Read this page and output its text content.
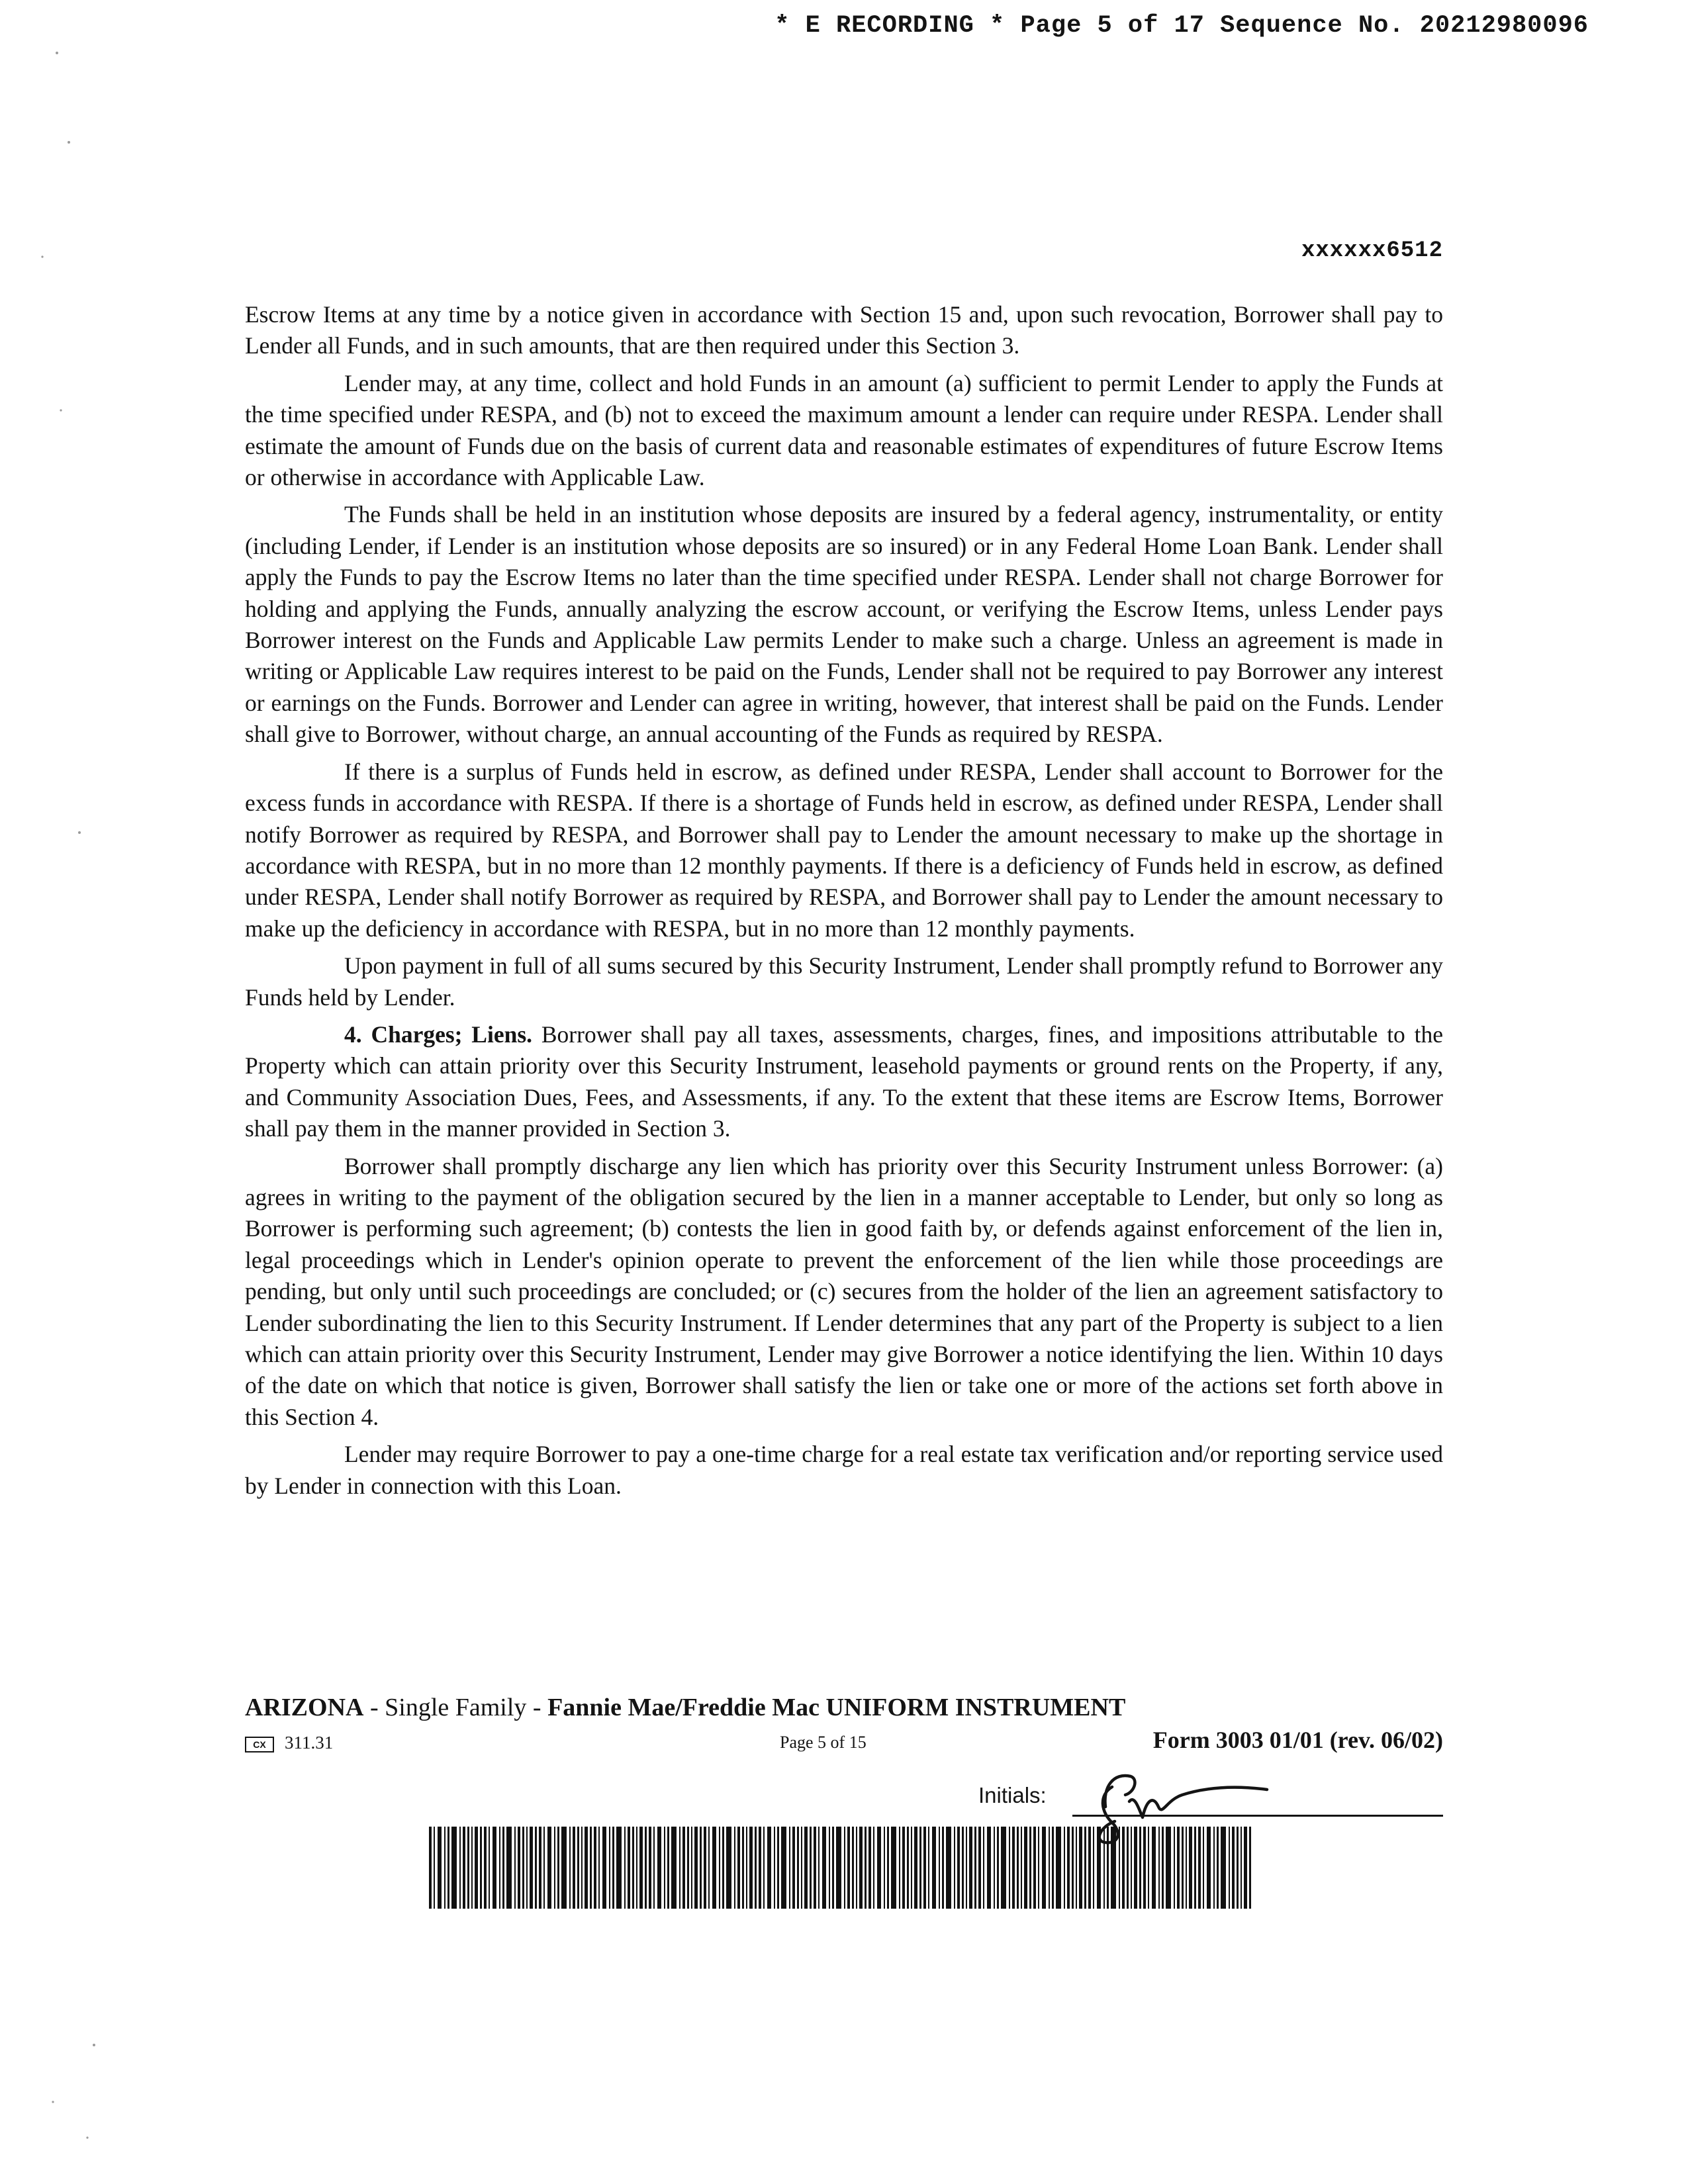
* E RECORDING * Page 5 of 17 Sequence No. 20212980096
xxxxxx6512

Escrow Items at any time by a notice given in accordance with Section 15 and, upon such revocation, Borrower shall pay to Lender all Funds, and in such amounts, that are then required under this Section 3.

Lender may, at any time, collect and hold Funds in an amount (a) sufficient to permit Lender to apply the Funds at the time specified under RESPA, and (b) not to exceed the maximum amount a lender can require under RESPA. Lender shall estimate the amount of Funds due on the basis of current data and reasonable estimates of expenditures of future Escrow Items or otherwise in accordance with Applicable Law.

The Funds shall be held in an institution whose deposits are insured by a federal agency, instrumentality, or entity (including Lender, if Lender is an institution whose deposits are so insured) or in any Federal Home Loan Bank. Lender shall apply the Funds to pay the Escrow Items no later than the time specified under RESPA. Lender shall not charge Borrower for holding and applying the Funds, annually analyzing the escrow account, or verifying the Escrow Items, unless Lender pays Borrower interest on the Funds and Applicable Law permits Lender to make such a charge. Unless an agreement is made in writing or Applicable Law requires interest to be paid on the Funds, Lender shall not be required to pay Borrower any interest or earnings on the Funds. Borrower and Lender can agree in writing, however, that interest shall be paid on the Funds. Lender shall give to Borrower, without charge, an annual accounting of the Funds as required by RESPA.

If there is a surplus of Funds held in escrow, as defined under RESPA, Lender shall account to Borrower for the excess funds in accordance with RESPA. If there is a shortage of Funds held in escrow, as defined under RESPA, Lender shall notify Borrower as required by RESPA, and Borrower shall pay to Lender the amount necessary to make up the shortage in accordance with RESPA, but in no more than 12 monthly payments. If there is a deficiency of Funds held in escrow, as defined under RESPA, Lender shall notify Borrower as required by RESPA, and Borrower shall pay to Lender the amount necessary to make up the deficiency in accordance with RESPA, but in no more than 12 monthly payments.

Upon payment in full of all sums secured by this Security Instrument, Lender shall promptly refund to Borrower any Funds held by Lender.

4. Charges; Liens. Borrower shall pay all taxes, assessments, charges, fines, and impositions attributable to the Property which can attain priority over this Security Instrument, leasehold payments or ground rents on the Property, if any, and Community Association Dues, Fees, and Assessments, if any. To the extent that these items are Escrow Items, Borrower shall pay them in the manner provided in Section 3.

Borrower shall promptly discharge any lien which has priority over this Security Instrument unless Borrower: (a) agrees in writing to the payment of the obligation secured by the lien in a manner acceptable to Lender, but only so long as Borrower is performing such agreement; (b) contests the lien in good faith by, or defends against enforcement of the lien in, legal proceedings which in Lender's opinion operate to prevent the enforcement of the lien while those proceedings are pending, but only until such proceedings are concluded; or (c) secures from the holder of the lien an agreement satisfactory to Lender subordinating the lien to this Security Instrument. If Lender determines that any part of the Property is subject to a lien which can attain priority over this Security Instrument, Lender may give Borrower a notice identifying the lien. Within 10 days of the date on which that notice is given, Borrower shall satisfy the lien or take one or more of the actions set forth above in this Section 4.

Lender may require Borrower to pay a one-time charge for a real estate tax verification and/or reporting service used by Lender in connection with this Loan.

ARIZONA - Single Family - Fannie Mae/Freddie Mac UNIFORM INSTRUMENT
CX 311.31	Page 5 of 15	Form 3003 01/01 (rev. 06/02)
Initials:
